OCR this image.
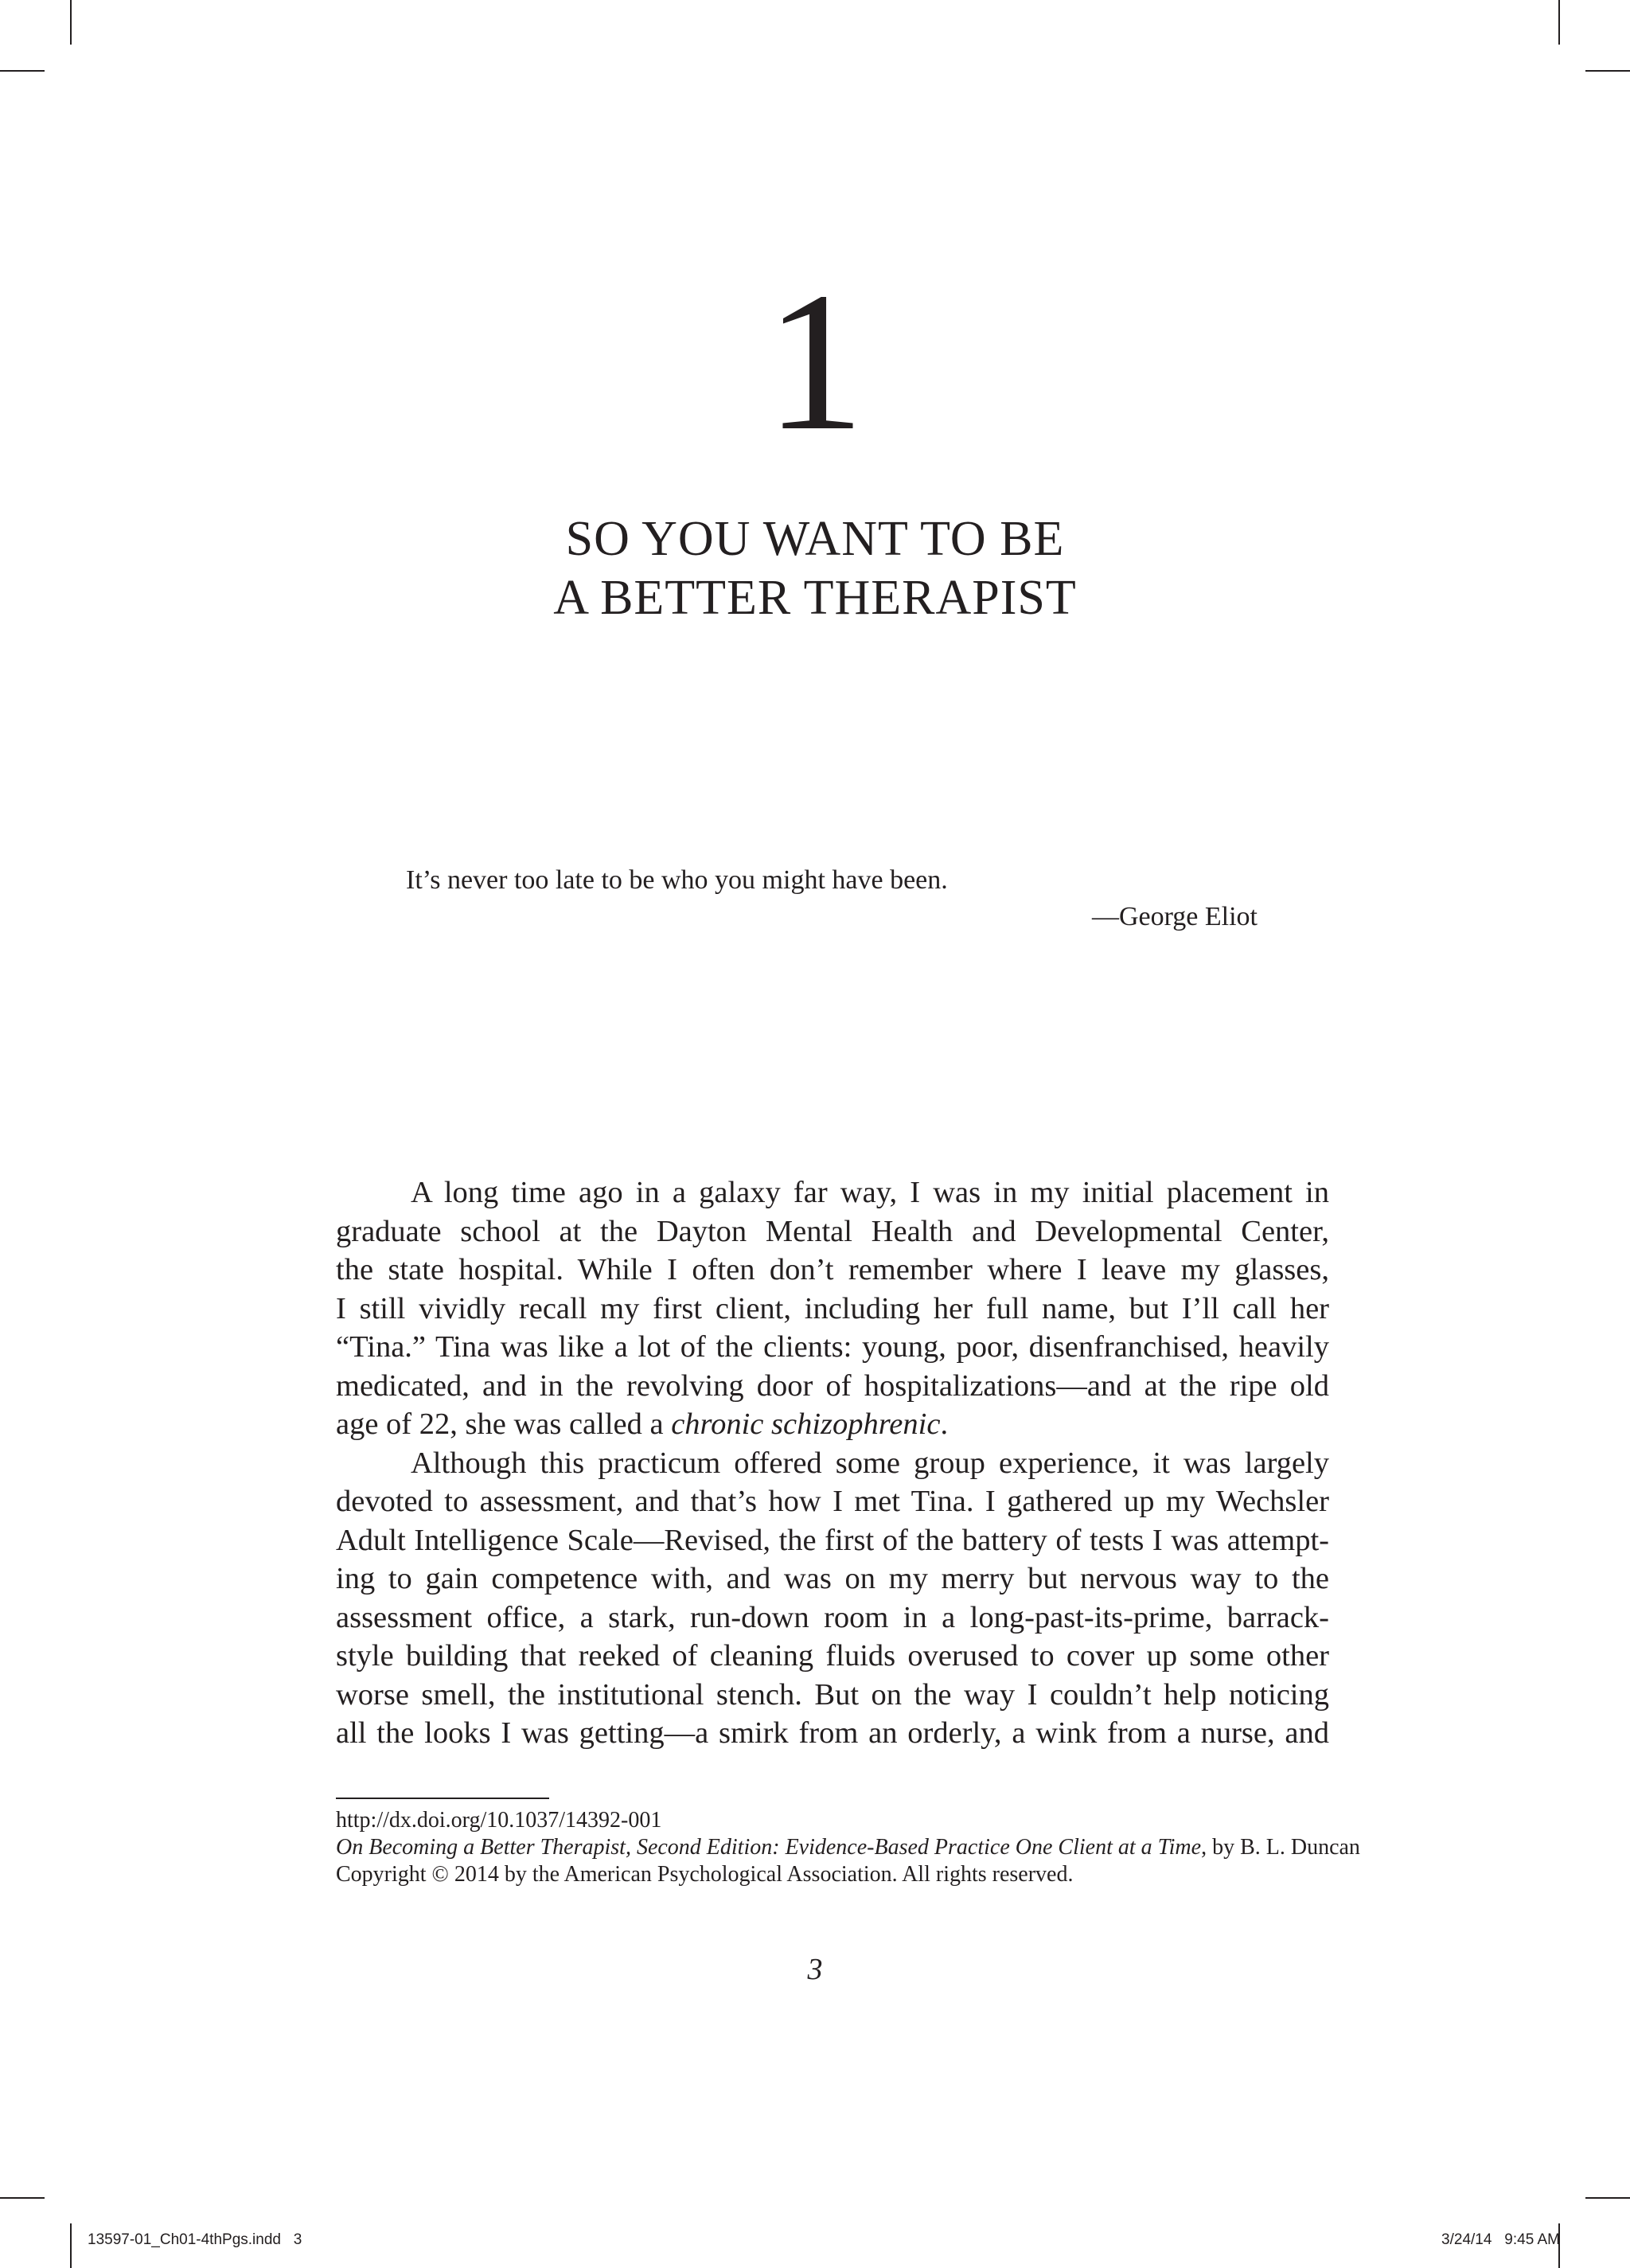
1
SO YOU WANT TO BE
A BETTER THERAPIST
It’s never too late to be who you might have been.
—George Eliot
A long time ago in a galaxy far way, I was in my initial placement in
graduate school at the Dayton Mental Health and Developmental Center,
the state hospital. While I often don’t remember where I leave my glasses,
I still vividly recall my first client, including her full name, but I’ll call her
“Tina.” Tina was like a lot of the clients: young, poor, disenfranchised, heavily
medicated, and in the revolving door of hospitalizations—and at the ripe old
age of 22, she was called a chronic schizophrenic.
Although this practicum offered some group experience, it was largely
devoted to assessment, and that’s how I met Tina. I gathered up my Wechsler
Adult Intelligence Scale—Revised, the first of the battery of tests I was attempt-
ing to gain competence with, and was on my merry but nervous way to the
assessment office, a stark, run-down room in a long-past-its-prime, barrack-
style building that reeked of cleaning fluids overused to cover up some other
worse smell, the institutional stench. But on the way I couldn’t help noticing
all the looks I was getting—a smirk from an orderly, a wink from a nurse, and
http://dx.doi.org/10.1037/14392-001
On Becoming a Better Therapist, Second Edition: Evidence-Based Practice One Client at a Time , by B. L. Duncan
Copyright © 2014 by the American Psychological Association. All rights reserved.
3
13597-01_Ch01-4thPgs.indd   3	3/24/14   9:45 AM
